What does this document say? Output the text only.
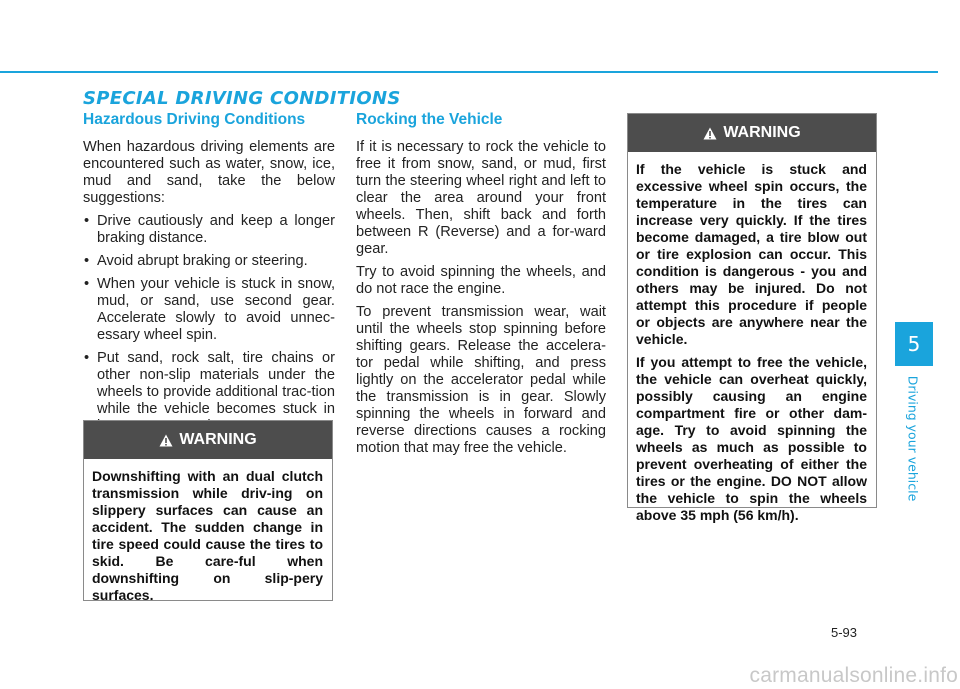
SPECIAL DRIVING CONDITIONS
Hazardous Driving Conditions

When hazardous driving elements are encountered such as water, snow, ice, mud and sand, take the below suggestions:

• Drive cautiously and keep a longer braking distance.
• Avoid abrupt braking or steering.
• When your vehicle is stuck in snow, mud, or sand, use second gear. Accelerate slowly to avoid unnec-essary wheel spin.
• Put sand, rock salt, tire chains or other non-slip materials under the wheels to provide additional trac-tion while the vehicle becomes stuck in
Rocking the Vehicle

If it is necessary to rock the vehicle to free it from snow, sand, or mud, first turn the steering wheel right and left to clear the area around your front wheels. Then, shift back and forth between R (Reverse) and a for-ward gear.

Try to avoid spinning the wheels, and do not race the engine.

To prevent transmission wear, wait until the wheels stop spinning before shifting gears. Release the accelera-tor pedal while shifting, and press lightly on the accelerator pedal while the transmission is in gear. Slowly spinning the wheels in forward and reverse directions causes a rocking motion that may free the vehicle.

WARNING

Downshifting with an dual clutch transmission while driv-ing on slippery surfaces can cause an accident. The sudden change in tire speed could cause the tires to skid. Be care-ful when downshifting on slip-pery surfaces.

WARNING

If the vehicle is stuck and excessive wheel spin occurs, the temperature in the tires can increase very quickly. If the tires become damaged, a tire blow out or tire explosion can occur. This condition is dangerous - you and others may be injured. Do not attempt this procedure if people or objects are anywhere near the vehicle.

If you attempt to free the vehicle, the vehicle can overheat quickly, possibly causing an engine compartment fire or other dam-age. Try to avoid spinning the wheels as much as possible to prevent overheating of either the tires or the engine. DO NOT allow the vehicle to spin the wheels above 35 mph (56 km/h).

5
Driving your vehicle
5-93
carmanualsonline.info
